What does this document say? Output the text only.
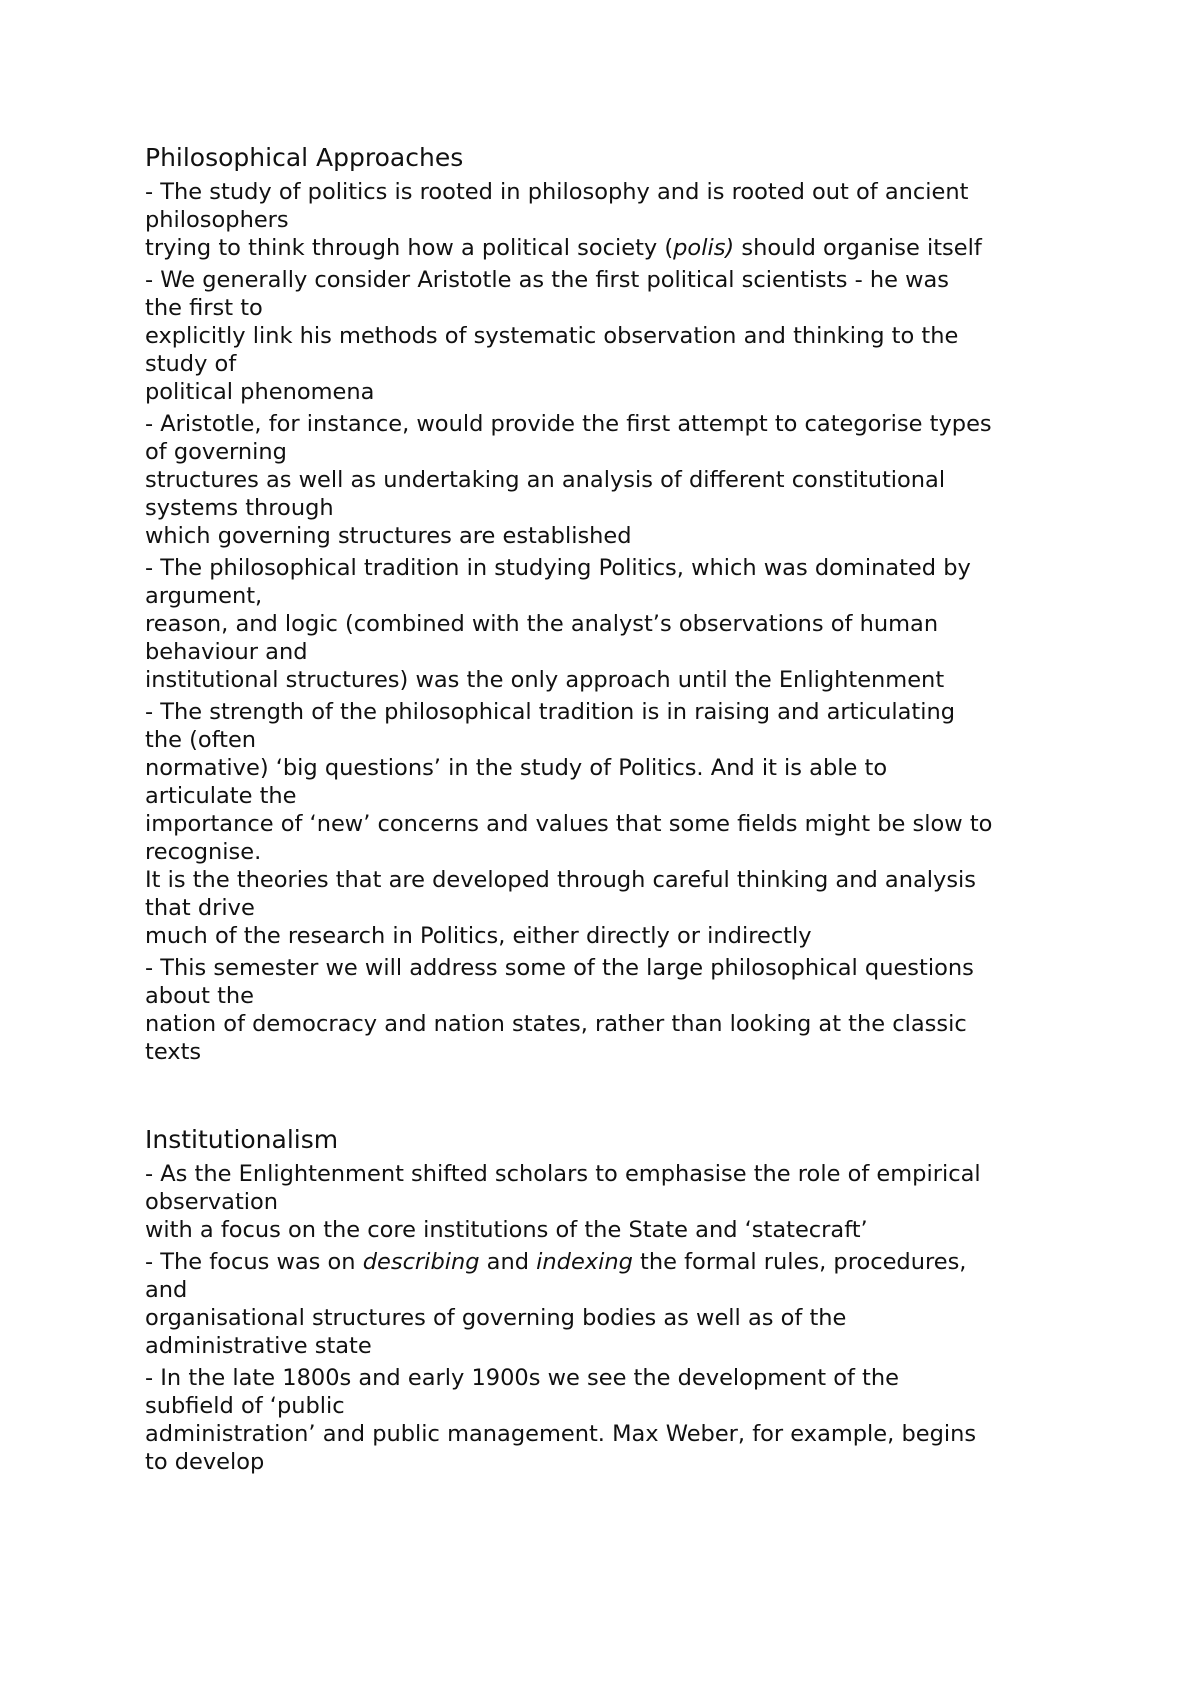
Philosophical Approaches

- The study of politics is rooted in philosophy and is rooted out of ancient
philosophers

trying to think through how a political society (polis) should organise itself

- We generally consider Aristotle as the first political scientists - he was
the first to
explicitly link his methods of systematic observation and thinking to the
study of
political phenomena

- Aristotle, for instance, would provide the first attempt to categorise types
of governing
structures as well as undertaking an analysis of different constitutional
systems through
which governing structures are established

- The philosophical tradition in studying Politics, which was dominated by
argument,
reason, and logic (combined with the analyst’s observations of human
behaviour and
institutional structures) was the only approach until the Enlightenment

- The strength of the philosophical tradition is in raising and articulating
the (often
normative) ‘big questions’ in the study of Politics. And it is able to
articulate the
importance of ‘new’ concerns and values that some fields might be slow to
recognise.
It is the theories that are developed through careful thinking and analysis
that drive
much of the research in Politics, either directly or indirectly

- This semester we will address some of the large philosophical questions
about the
nation of democracy and nation states, rather than looking at the classic
texts

Institutionalism

- As the Enlightenment shifted scholars to emphasise the role of empirical
observation
with a focus on the core institutions of the State and ‘statecraft’

- The focus was on describing and indexing the formal rules, procedures,
and
organisational structures of governing bodies as well as of the
administrative state

- In the late 1800s and early 1900s we see the development of the
subfield of ‘public
administration’ and public management. Max Weber, for example, begins
to develop
